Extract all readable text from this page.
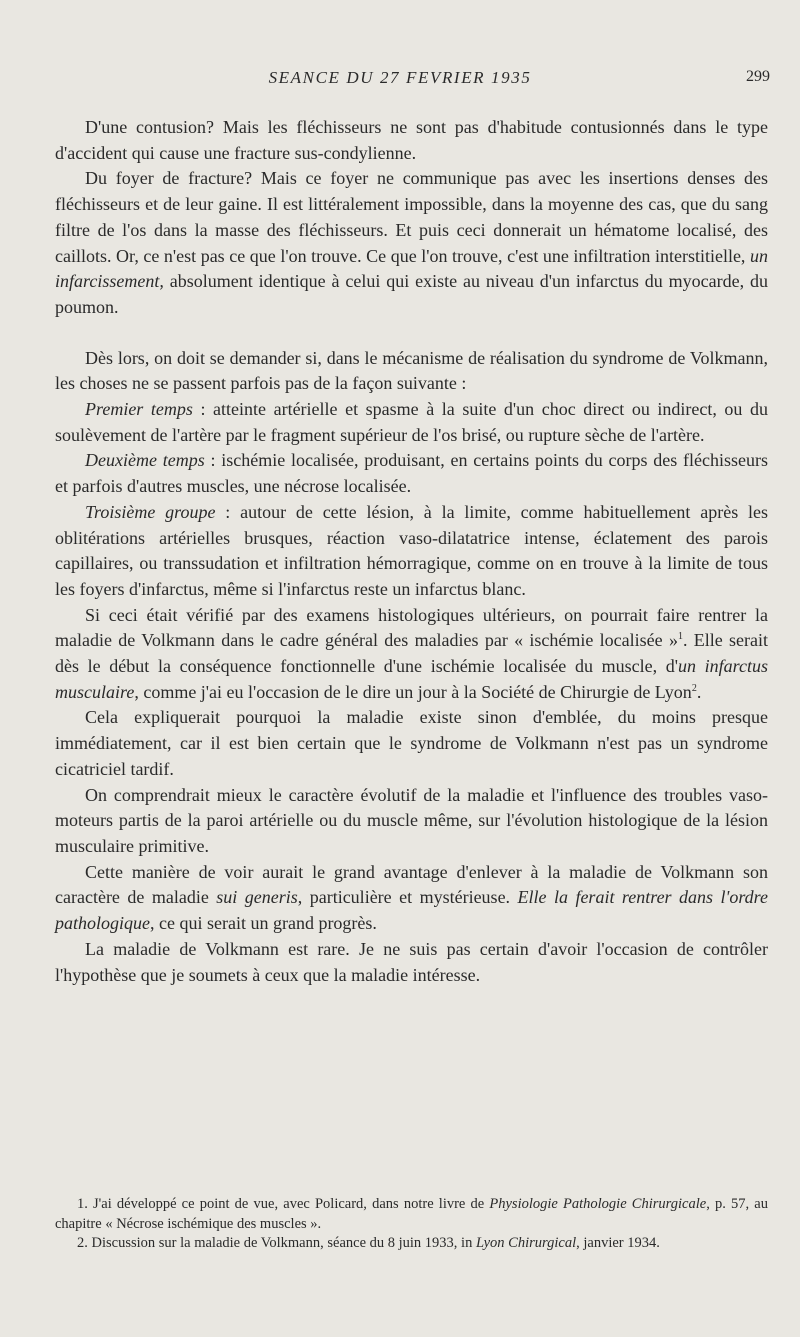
SEANCE DU 27 FEVRIER 1935	299

D'une contusion? Mais les fléchisseurs ne sont pas d'habitude contusionnés dans le type d'accident qui cause une fracture sus-condylienne.

Du foyer de fracture? Mais ce foyer ne communique pas avec les insertions denses des fléchisseurs et de leur gaine. Il est littéralement impossible, dans la moyenne des cas, que du sang filtre de l'os dans la masse des fléchisseurs. Et puis ceci donnerait un hématome localisé, des caillots. Or, ce n'est pas ce que l'on trouve. Ce que l'on trouve, c'est une infiltration interstitielle, un infarcissement, absolument identique à celui qui existe au niveau d'un infarctus du myocarde, du poumon.

Dès lors, on doit se demander si, dans le mécanisme de réalisation du syndrome de Volkmann, les choses ne se passent parfois pas de la façon suivante :

Premier temps : atteinte artérielle et spasme à la suite d'un choc direct ou indirect, ou du soulèvement de l'artère par le fragment supérieur de l'os brisé, ou rupture sèche de l'artère.

Deuxième temps : ischémie localisée, produisant, en certains points du corps des fléchisseurs et parfois d'autres muscles, une nécrose localisée.

Troisième groupe : autour de cette lésion, à la limite, comme habituellement après les oblitérations artérielles brusques, réaction vaso-dilatatrice intense, éclatement des parois capillaires, ou transsudation et infiltration hémorragique, comme on en trouve à la limite de tous les foyers d'infarctus, même si l'infarctus reste un infarctus blanc.

Si ceci était vérifié par des examens histologiques ultérieurs, on pourrait faire rentrer la maladie de Volkmann dans le cadre général des maladies par « ischémie localisée »$^1$. Elle serait dès le début la conséquence fonctionnelle d'une ischémie localisée du muscle, d'un infarctus musculaire, comme j'ai eu l'occasion de le dire un jour à la Société de Chirurgie de Lyon$^2$.

Cela expliquerait pourquoi la maladie existe sinon d'emblée, du moins presque immédiatement, car il est bien certain que le syndrome de Volkmann n'est pas un syndrome cicatriciel tardif.

On comprendrait mieux le caractère évolutif de la maladie et l'influence des troubles vaso-moteurs partis de la paroi artérielle ou du muscle même, sur l'évolution histologique de la lésion musculaire primitive.

Cette manière de voir aurait le grand avantage d'enlever à la maladie de Volkmann son caractère de maladie sui generis, particulière et mystérieuse. Elle la ferait rentrer dans l'ordre pathologique, ce qui serait un grand progrès.

La maladie de Volkmann est rare. Je ne suis pas certain d'avoir l'occasion de contrôler l'hypothèse que je soumets à ceux que la maladie intéresse.

1. J'ai développé ce point de vue, avec Policard, dans notre livre de Physiologie Pathologie Chirurgicale, p. 57, au chapitre « Nécrose ischémique des muscles ».

2. Discussion sur la maladie de Volkmann, séance du 8 juin 1933, in Lyon Chirurgical, janvier 1934.
